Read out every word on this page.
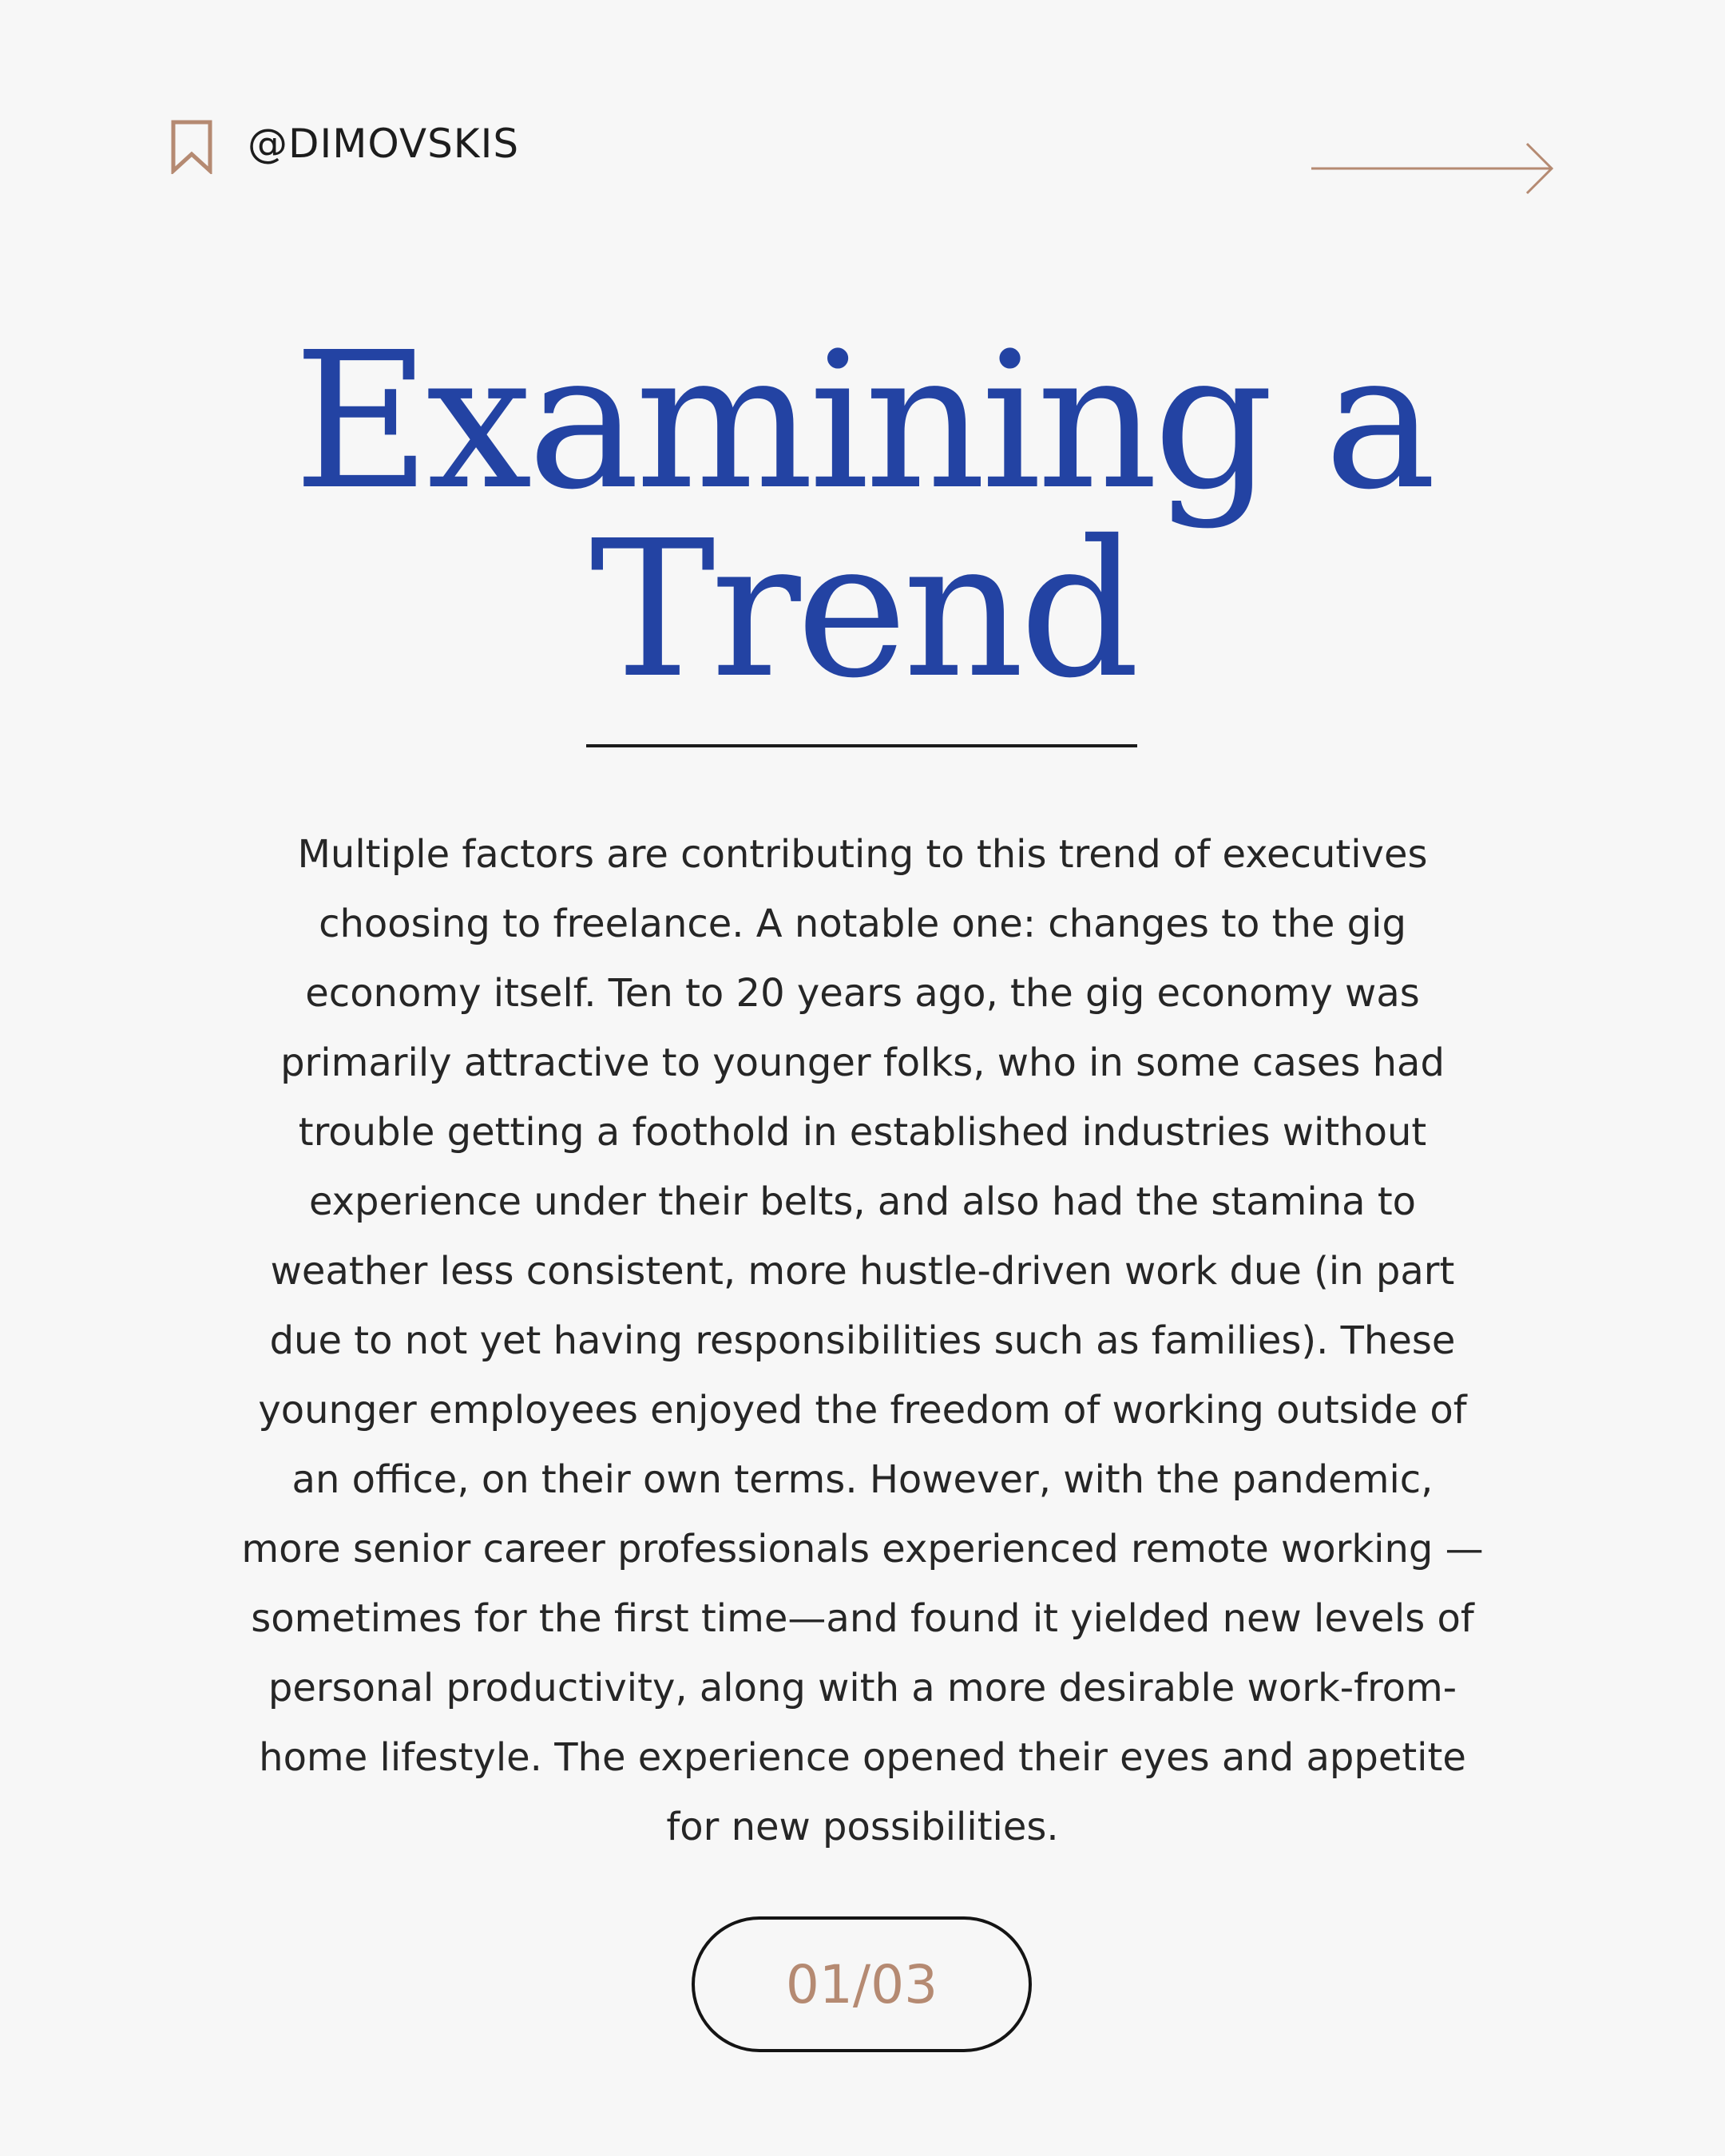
@DIMOVSKIS
Examining a
Trend

Multiple factors are contributing to this trend of executives choosing to freelance. A notable one: changes to the gig economy itself. Ten to 20 years ago, the gig economy was primarily attractive to younger folks, who in some cases had trouble getting a foothold in established industries without experience under their belts, and also had the stamina to weather less consistent, more hustle-driven work due (in part due to not yet having responsibilities such as families). These younger employees enjoyed the freedom of working outside of an office, on their own terms. However, with the pandemic, more senior career professionals experienced remote working —sometimes for the first time—and found it yielded new levels of personal productivity, along with a more desirable work-from-home lifestyle. The experience opened their eyes and appetite for new possibilities.

01/03
